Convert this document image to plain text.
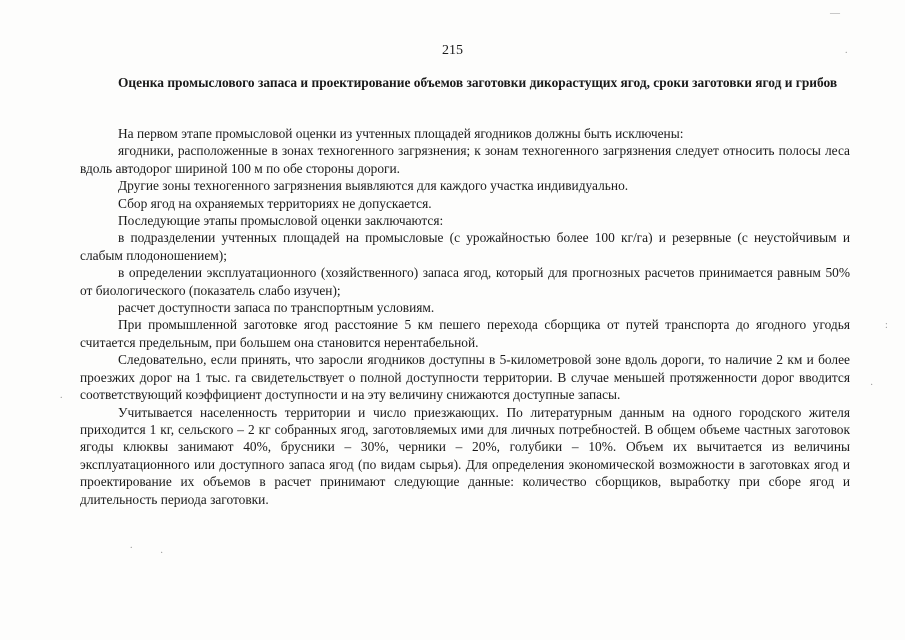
215
Оценка промыслового запаса и проектирование объемов заготовки дикорастущих ягод, сроки заготовки ягод и грибов

На первом этапе промысловой оценки из учтенных площадей ягодников должны быть исключены:

ягодники, расположенные в зонах техногенного загрязнения; к зонам техногенного загрязнения следует относить полосы леса вдоль автодорог шириной 100 м по обе стороны дороги.

Другие зоны техногенного загрязнения выявляются для каждого участка индивидуально.

Сбор ягод на охраняемых территориях не допускается.

Последующие этапы промысловой оценки заключаются:

в подразделении учтенных площадей на промысловые (с урожайностью более 100 кг/га) и резервные (с неустойчивым и слабым плодоношением);

в определении эксплуатационного (хозяйственного) запаса ягод, который для прогнозных расчетов принимается равным 50% от биологического (показатель слабо изучен);

расчет доступности запаса по транспортным условиям.

При промышленной заготовке ягод расстояние 5 км пешего перехода сборщика от путей транспорта до ягодного угодья считается предельным, при большем она становится нерентабельной.

Следовательно, если принять, что заросли ягодников доступны в 5-километровой зоне вдоль дороги, то наличие 2 км и более проезжих дорог на 1 тыс. га свидетельствует о полной доступности территории. В случае меньшей протяженности дорог вводится соответствующий коэффициент доступности и на эту величину снижаются доступные запасы.

Учитывается населенность территории и число приезжающих. По литературным данным на одного городского жителя приходится 1 кг, сельского – 2 кг собранных ягод, заготовляемых ими для личных потребностей. В общем объеме частных заготовок ягоды клюквы занимают 40%, брусники – 30%, черники – 20%, голубики – 10%. Объем их вычитается из величины эксплуатационного или доступного запаса ягод (по видам сырья). Для определения экономической возможности в заготовках ягод и проектирование их объемов в расчет принимают следующие данные: количество сборщиков, выработку при сборе ягод и длительность периода заготовки.

.
—
:
·
.
·
.
